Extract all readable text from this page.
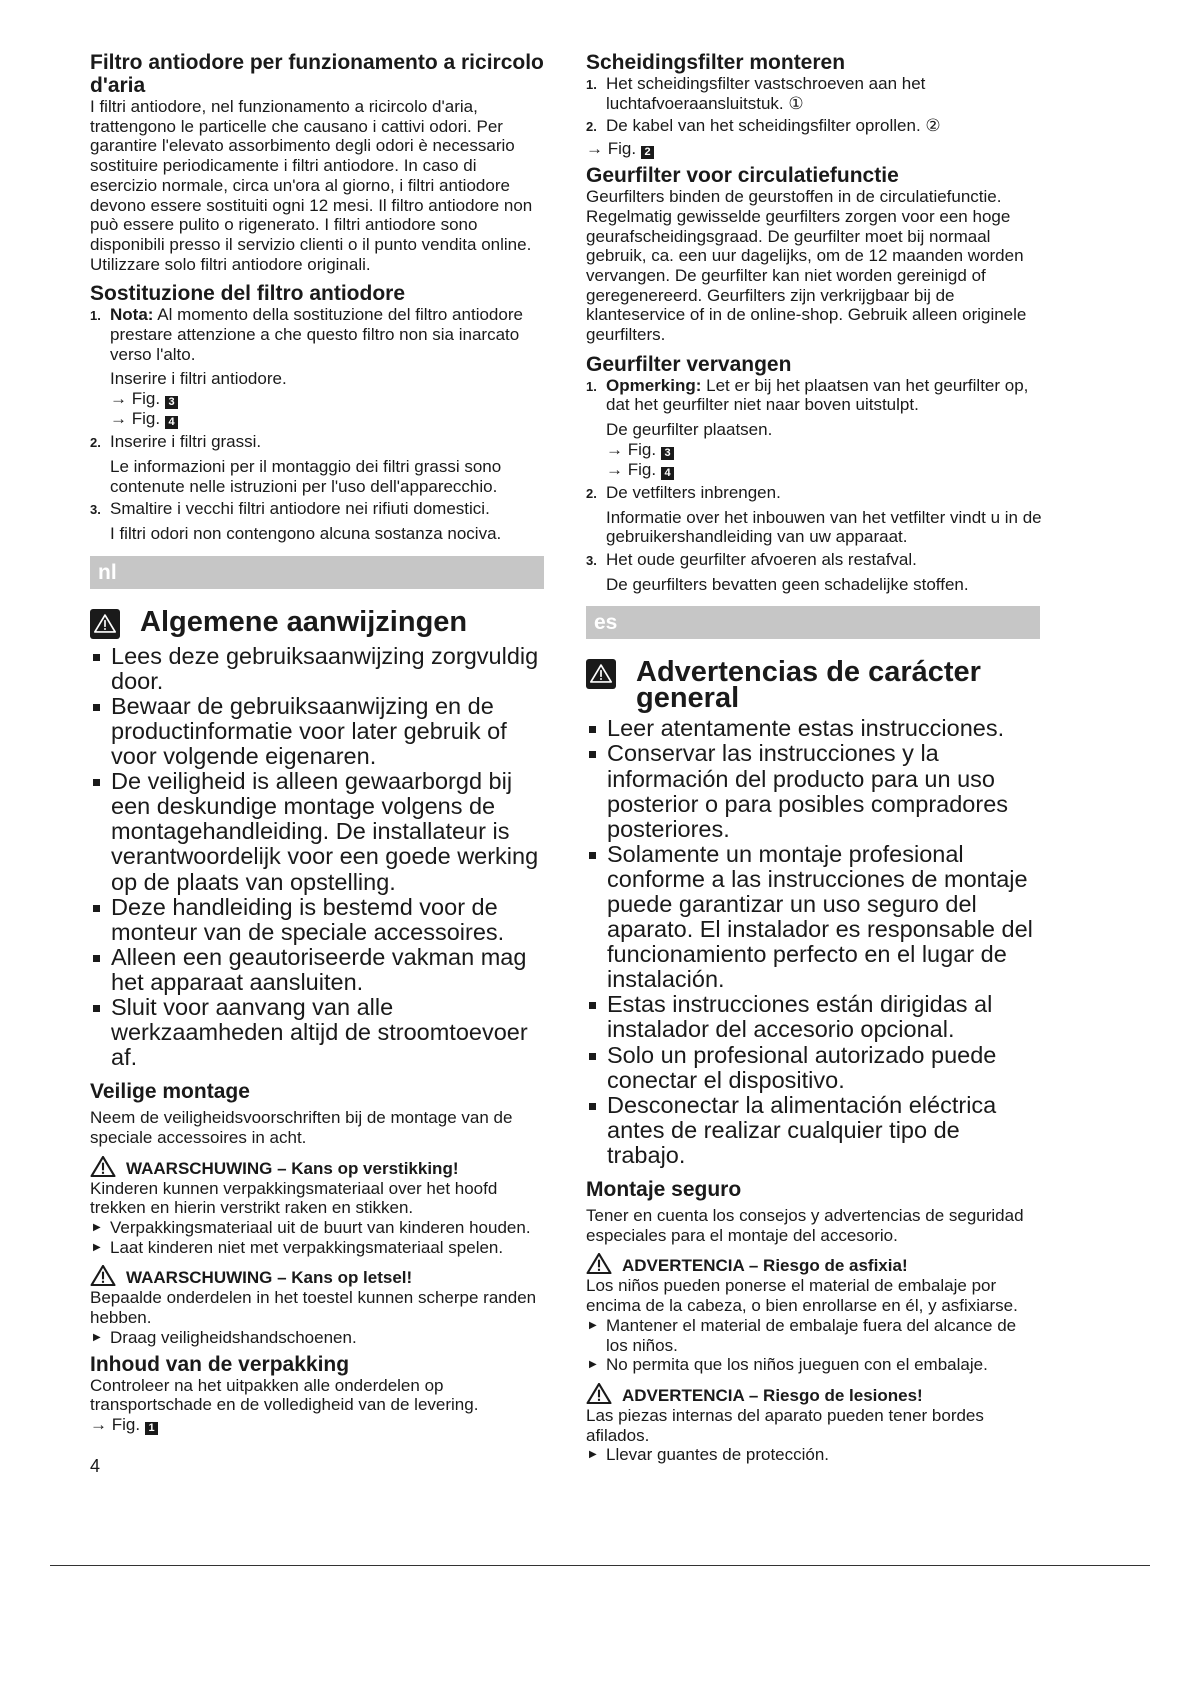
Filtro antiodore per funzionamento a ricircolo d'aria
I filtri antiodore, nel funzionamento a ricircolo d'aria, trattengono le particelle che causano i cattivi odori. Per garantire l'elevato assorbimento degli odori è necessario sostituire periodicamente i filtri antiodore. In caso di esercizio normale, circa un'ora al giorno, i filtri antiodore devono essere sostituiti ogni 12 mesi. Il filtro antiodore non può essere pulito o rigenerato. I filtri antiodore sono disponibili presso il servizio clienti o il punto vendita online. Utilizzare solo filtri antiodore originali.
Sostituzione del filtro antiodore
1. Nota: Al momento della sostituzione del filtro antiodore prestare attenzione a che questo filtro non sia inarcato verso l'alto.
Inserire i filtri antiodore.
→ Fig. 3
→ Fig. 4
2. Inserire i filtri grassi.
Le informazioni per il montaggio dei filtri grassi sono contenute nelle istruzioni per l'uso dell'apparecchio.
3. Smaltire i vecchi filtri antiodore nei rifiuti domestici.
I filtri odori non contengono alcuna sostanza nociva.
nl
Algemene aanwijzingen
Lees deze gebruiksaanwijzing zorgvuldig door.
Bewaar de gebruiksaanwijzing en de productinformatie voor later gebruik of voor volgende eigenaren.
De veiligheid is alleen gewaarborgd bij een deskundige montage volgens de montagehandleiding. De installateur is verantwoordelijk voor een goede werking op de plaats van opstelling.
Deze handleiding is bestemd voor de monteur van de speciale accessoires.
Alleen een geautoriseerde vakman mag het apparaat aansluiten.
Sluit voor aanvang van alle werkzaamheden altijd de stroomtoevoer af.
Veilige montage
Neem de veiligheidsvoorschriften bij de montage van de speciale accessoires in acht.
WAARSCHUWING – Kans op verstikking!
Kinderen kunnen verpakkingsmateriaal over het hoofd trekken en hierin verstrikt raken en stikken.
▶ Verpakkingsmateriaal uit de buurt van kinderen houden.
▶ Laat kinderen niet met verpakkingsmateriaal spelen.
WAARSCHUWING – Kans op letsel!
Bepaalde onderdelen in het toestel kunnen scherpe randen hebben.
▶ Draag veiligheidshandschoenen.
Inhoud van de verpakking
Controleer na het uitpakken alle onderdelen op transportschade en de volledigheid van de levering.
→ Fig. 1
4
Scheidingsfilter monteren
1. Het scheidingsfilter vastschroeven aan het luchtafvoeraansluitstuk. ①
2. De kabel van het scheidingsfilter oprollen. ②
→ Fig. 2
Geurfilter voor circulatiefunctie
Geurfilters binden de geurstoffen in de circulatiefunctie. Regelmatig gewisselde geurfilters zorgen voor een hoge geurafscheidingsgraad. De geurfilter moet bij normaal gebruik, ca. een uur dagelijks, om de 12 maanden worden vervangen. De geurfilter kan niet worden gereinigd of geregenereerd. Geurfilters zijn verkrijgbaar bij de klanteservice of in de online-shop. Gebruik alleen originele geurfilters.
Geurfilter vervangen
1. Opmerking: Let er bij het plaatsen van het geurfilter op, dat het geurfilter niet naar boven uitstulpt.
De geurfilter plaatsen.
→ Fig. 3
→ Fig. 4
2. De vetfilters inbrengen.
Informatie over het inbouwen van het vetfilter vindt u in de gebruikershandleiding van uw apparaat.
3. Het oude geurfilter afvoeren als restafval.
De geurfilters bevatten geen schadelijke stoffen.
es
Advertencias de carácter general
Leer atentamente estas instrucciones.
Conservar las instrucciones y la información del producto para un uso posterior o para posibles compradores posteriores.
Solamente un montaje profesional conforme a las instrucciones de montaje puede garantizar un uso seguro del aparato. El instalador es responsable del funcionamiento perfecto en el lugar de instalación.
Estas instrucciones están dirigidas al instalador del accesorio opcional.
Solo un profesional autorizado puede conectar el dispositivo.
Desconectar la alimentación eléctrica antes de realizar cualquier tipo de trabajo.
Montaje seguro
Tener en cuenta los consejos y advertencias de seguridad especiales para el montaje del accesorio.
ADVERTENCIA – Riesgo de asfixia!
Los niños pueden ponerse el material de embalaje por encima de la cabeza, o bien enrollarse en él, y asfixiarse.
▶ Mantener el material de embalaje fuera del alcance de los niños.
▶ No permita que los niños jueguen con el embalaje.
ADVERTENCIA – Riesgo de lesiones!
Las piezas internas del aparato pueden tener bordes afilados.
▶ Llevar guantes de protección.
